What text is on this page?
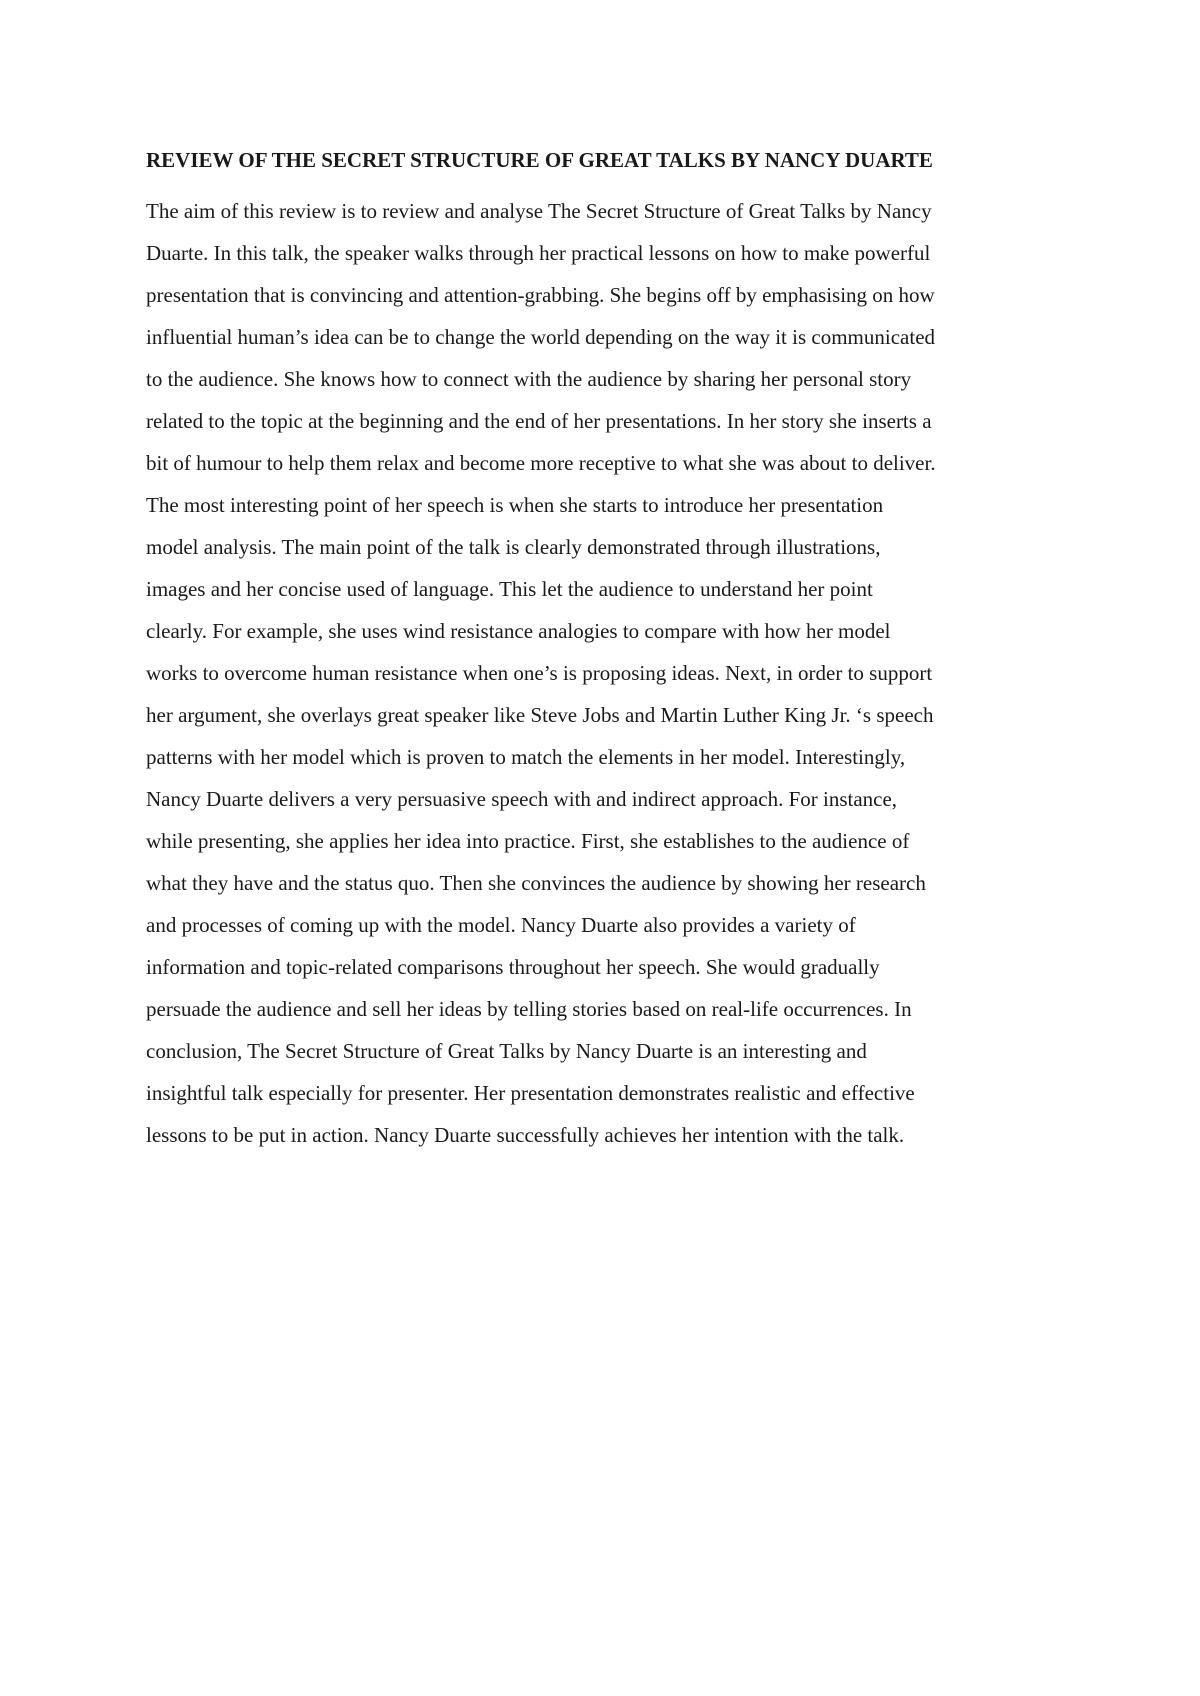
REVIEW OF THE SECRET STRUCTURE OF GREAT TALKS BY NANCY DUARTE

The aim of this review is to review and analyse The Secret Structure of Great Talks by Nancy
Duarte. In this talk, the speaker walks through her practical lessons on how to make powerful
presentation that is convincing and attention-grabbing. She begins off by emphasising on how
influential human’s idea can be to change the world depending on the way it is communicated
to the audience. She knows how to connect with the audience by sharing her personal story
related to the topic at the beginning and the end of her presentations. In her story she inserts a
bit of humour to help them relax and become more receptive to what she was about to deliver.
The most interesting point of her speech is when she starts to introduce her presentation
model analysis. The main point of the talk is clearly demonstrated through illustrations,
images and her concise used of language. This let the audience to understand her point
clearly. For example, she uses wind resistance analogies to compare with how her model
works to overcome human resistance when one’s is proposing ideas. Next, in order to support
her argument, she overlays great speaker like Steve Jobs and Martin Luther King Jr. ‘s speech
patterns with her model which is proven to match the elements in her model. Interestingly,
Nancy Duarte delivers a very persuasive speech with and indirect approach. For instance,
while presenting, she applies her idea into practice. First, she establishes to the audience of
what they have and the status quo. Then she convinces the audience by showing her research
and processes of coming up with the model. Nancy Duarte also provides a variety of
information and topic-related comparisons throughout her speech. She would gradually
persuade the audience and sell her ideas by telling stories based on real-life occurrences. In
conclusion, The Secret Structure of Great Talks by Nancy Duarte is an interesting and
insightful talk especially for presenter. Her presentation demonstrates realistic and effective
lessons to be put in action. Nancy Duarte successfully achieves her intention with the talk.
